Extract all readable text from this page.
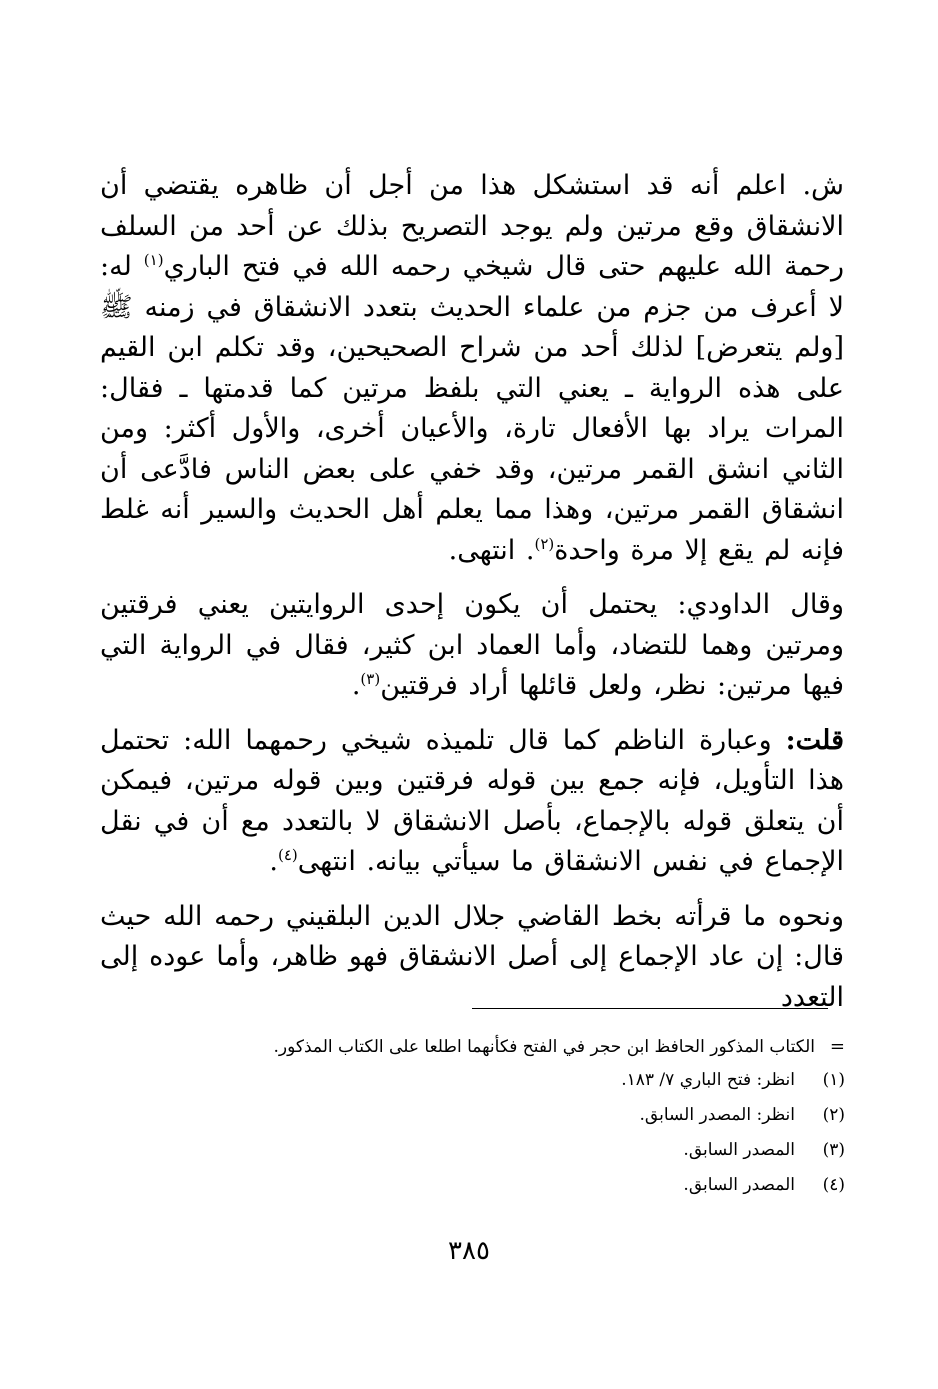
ش. اعلم أنه قد استشكل هذا من أجل أن ظاهره يقتضي أن الانشقاق وقع مرتين ولم يوجد التصريح بذلك عن أحد من السلف رحمة الله عليهم حتى قال شيخي رحمه الله في فتح الباري$^{(١)}$ له: لا أعرف من جزم من علماء الحديث بتعدد الانشقاق في زمنه ﷺ [ولم يتعرض] لذلك أحد من شراح الصحيحين، وقد تكلم ابن القيم على هذه الرواية ـ يعني التي بلفظ مرتين كما قدمتها ـ فقال: المرات يراد بها الأفعال تارة، والأعيان أخرى، والأول أكثر: ومن الثاني انشق القمر مرتين، وقد خفي على بعض الناس فادَّعى أن انشقاق القمر مرتين، وهذا مما يعلم أهل الحديث والسير أنه غلط فإنه لم يقع إلا مرة واحدة$^{(٢)}$. انتهى.

وقال الداودي: يحتمل أن يكون إحدى الروايتين يعني فرقتين ومرتين وهما للتضاد، وأما العماد ابن كثير، فقال في الرواية التي فيها مرتين: نظر، ولعل قائلها أراد فرقتين$^{(٣)}$.

قلت: وعبارة الناظم كما قال تلميذه شيخي رحمهما الله: تحتمل هذا التأويل، فإنه جمع بين قوله فرقتين وبين قوله مرتين، فيمكن أن يتعلق قوله بالإجماع، بأصل الانشقاق لا بالتعدد مع أن في نقل الإجماع في نفس الانشقاق ما سيأتي بيانه. انتهى$^{(٤)}$.

ونحوه ما قرأته بخط القاضي جلال الدين البلقيني رحمه الله حيث قال: إن عاد الإجماع إلى أصل الانشقاق فهو ظاهر، وأما عوده إلى التعدد

=
الكتاب المذكور الحافظ ابن حجر في الفتح فكأنهما اطلعا على الكتاب المذكور.
(١)
انظر: فتح الباري ٧/ ١٨٣.
(٢)
انظر: المصدر السابق.
(٣)
المصدر السابق.
(٤)
المصدر السابق.
٣٨٥
